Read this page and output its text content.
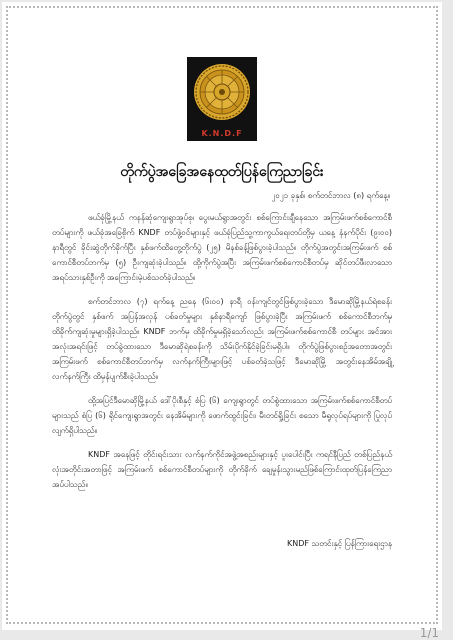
K.N.D.F
တိုက်ပွဲအခြေအနေထုတ်ပြန်ကြေညာခြင်း
၂၀၂၁ ခုနှစ်၊ စက်တင်ဘာလ (၈) ရက်နေ့။

ဖယ်ခုံမြို့နယ် ကနန်ဆုံကျေးရွာအုပ်စု၊ ပွေးမယ်ရွာအတွင်း စစ်ကြောင်းချီနေသော အကြမ်းဖက်စစ်ကောင်စီတပ်များကို ဖယ်ခုံအခြေစိုက် KNDF တပ်ဖွဲ့ဝင်များနှင့် ဖယ်ခုံပြည်သူ့ကာကွယ်ရေးတပ်တို့မှ ယနေ့ နံနက်ပိုင်း (၉း၀၀) နာရီတွင် ခိုင်းဆွဲတိုက်ခိုက်ပြီး နှစ်ဖက်ထိတွေ့တိုက်ပွဲ (၂၅) မိနစ်ခန့်ဖြစ်ပွားခဲ့ပါသည်။ တိုက်ပွဲအတွင်းအကြမ်းဖက် စစ်ကောင်စီတပ်ဘက်မှ (၅) ဦးကျဆုံးခဲ့ပါသည်။ ထို့ကိုက်ပွဲအပြီး အကြမ်းဖက်စစ်ကောင်စီတပ်မှ ဆိုင်တပ်ဖီးလာသော အရပ်သားနှစ်ဦးကို အကြောင်းမဲ့ပစ်သတ်ခဲ့ပါသည်။

စက်တင်ဘာလ (၇) ရက်နေ့ ညနေ (၆း၀၀) နာရီ ဝန်းကျင်တွင်ဖြစ်ပွားခဲ့သော ဒီမောဆိုမြို့နယ်ရဲစခန်း တိုက်ပွဲတွင် နှစ်ဖက် အပြန်အလှန် ပစ်ခတ်မှုများ နှစ်နာရီကျော် ဖြစ်ပွားခဲ့ပြီး အကြမ်းဖက် စစ်ကောင်စီဘက်မှ ထိခိုက်ကျဆုံးမှုများရှိခဲ့ပါသည်။ KNDF ဘက်မှ ထိခိုက်မှုမရှိခဲ့သော်လည်း အကြမ်းဖက်စစ်ကောင်စီ တပ်များ အင်အားအလုံးအရင်းဖြင့် တပ်ခွဲထားသော ဒီမောဆိုရဲစခန်းကို သိမ်းပိုက်နိုင်ခဲ့ခြင်းမရှိပါ။ တိုက်ပွဲဖြစ်ပွားစဉ်အတောအတွင်း အကြမ်းဖက် စစ်ကောင်စီတပ်ဘက်မှ လက်နက်ကြီးများဖြင့် ပစ်ခတ်ခဲ့သဖြင့် ဒီမောဆိုမြို့ အတွင်းနေအိမ်အချို့ လက်နက်ကြီး ထိမှန်ပျက်စီးခဲ့ပါသည်။

ထို့အပြင်ဒီမောဆိုမြို့နယ် ဒေါ်ပိုးစီနှင့် စံပြ (၆) ကျေးရွာတွင် တပ်စွဲထားသော အကြမ်းဖက်စစ်ကောင်စီတပ်များသည် စံပြ (၆) ရိုင်ကျေးရွာအတွင်း နေအိမ်များကို ဖောက်ထွင်းခြင်း၊ မီးတင်ရှို့ခြင်း စသော မီရူလုပ်ရပ်များကို ပြုလုပ်လျက်ရှိပါသည်။

KNDF အနေဖြင့် တိုင်းရင်းသား လက်နက်ကိုင်အဖွဲ့အစည်းများနှင့် ပူးပေါင်းပြီး ကရင်နီပြည် တစ်ပြည်နယ် လုံးအတိုင်းအတာဖြင့် အကြမ်းဖက် စစ်ကောင်စီတပ်များကို တိုက်ခိုက် ချေမှုန်းသွားမည်ဖြစ်ကြောင်းထုတ်ပြန်ကြေညာအပ်ပါသည်။

KNDF သတင်းနှင့် ပြန်ကြားရေးဌာန
1/1
